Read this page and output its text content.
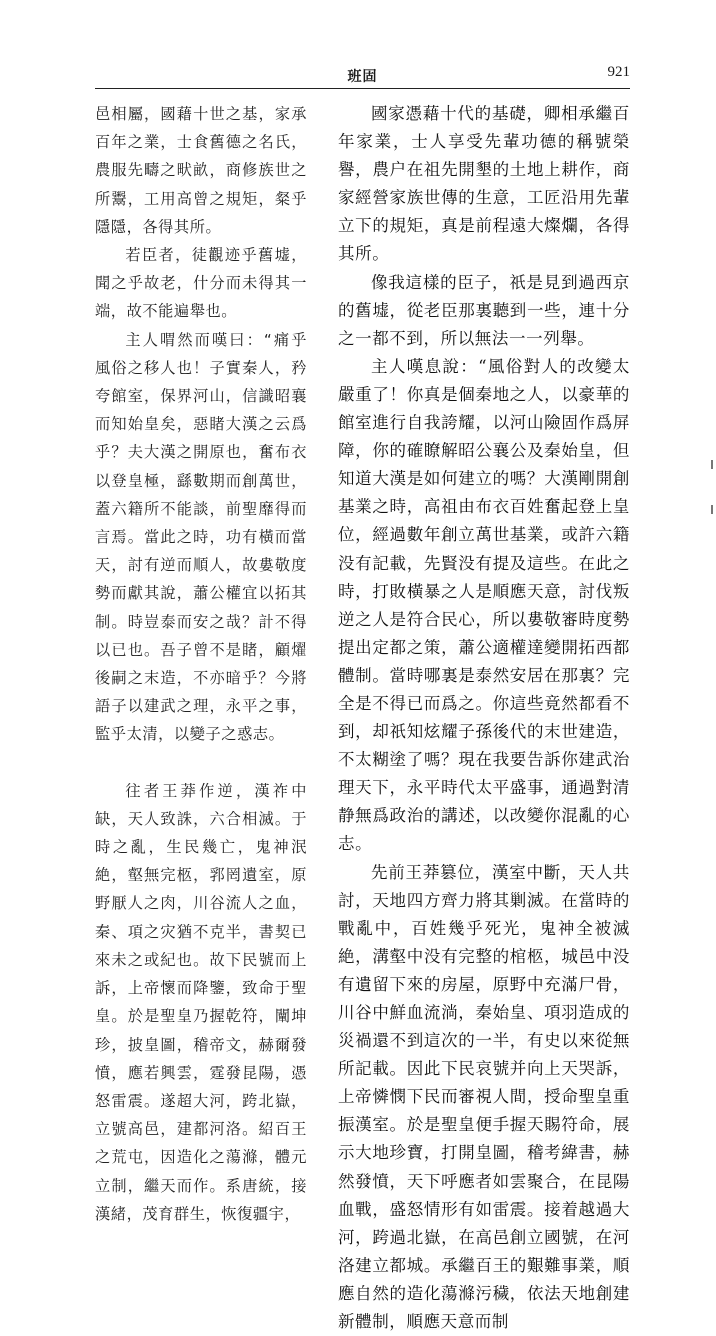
班固	921

邑相屬，國藉十世之基，家承百年之業，士食舊德之名氏，農服先疇之畎畝，商修族世之所鬻，工用高曾之規矩，粲乎隱隱，各得其所。

若臣者，徒觀迹乎舊墟，聞之乎故老，什分而未得其一端，故不能遍舉也。

主人喟然而嘆曰：“痛乎風俗之移人也！子實秦人，矜夸館室，保界河山，信識昭襄而知始皇矣，惡睹大漢之云爲乎？夫大漢之開原也，奮布衣以登皇極，繇數期而創萬世，蓋六籍所不能談，前聖靡得而言焉。當此之時，功有橫而當天，討有逆而順人，故婁敬度勢而獻其說，蕭公權宜以拓其制。時豈泰而安之哉？計不得以已也。吾子曾不是睹，顧燿後嗣之末造，不亦暗乎？今將語子以建武之理，永平之事，監乎太清，以變子之惑志。

往者王莽作逆，漢祚中缺，天人致誅，六合相滅。于時之亂，生民幾亡，鬼神泯絶，壑無完柩，郛罔遺室，原野厭人之肉，川谷流人之血，秦、項之灾猶不克半，書契已來未之或紀也。故下民號而上訴，上帝懷而降鑒，致命于聖皇。於是聖皇乃握乾符，闡坤珍，披皇圖，稽帝文，赫爾發憤，應若興雲，霆發昆陽，憑怒雷震。遂超大河，跨北嶽，立號高邑，建都河洛。紹百王之荒屯，因造化之蕩滌，體元立制，繼天而作。系唐統，接漢緒，茂育群生，恢復疆宇，

國家憑藉十代的基礎，卿相承繼百年家業，士人享受先輩功德的稱號榮譽，農户在祖先開墾的土地上耕作，商家經營家族世傳的生意，工匠沿用先輩立下的規矩，真是前程遠大燦爛，各得其所。

像我這樣的臣子，祇是見到過西京的舊墟，從老臣那裏聽到一些，連十分之一都不到，所以無法一一列舉。

主人嘆息說：“風俗對人的改變太嚴重了！你真是個秦地之人，以豪華的館室進行自我誇耀，以河山險固作爲屏障，你的確瞭解昭公襄公及秦始皇，但知道大漢是如何建立的嗎？大漢剛開創基業之時，高祖由布衣百姓奮起登上皇位，經過數年創立萬世基業，或許六籍没有記載，先賢没有提及這些。在此之時，打敗橫暴之人是順應天意，討伐叛逆之人是符合民心，所以婁敬審時度勢提出定都之策，蕭公適權達變開拓西都體制。當時哪裏是泰然安居在那裏？完全是不得已而爲之。你這些竟然都看不到，却祇知炫耀子孫後代的末世建造，不太糊塗了嗎？現在我要告訴你建武治理天下，永平時代太平盛事，通過對清静無爲政治的講述，以改變你混亂的心志。

先前王莽篡位，漢室中斷，天人共討，天地四方齊力將其剿滅。在當時的戰亂中，百姓幾乎死光，鬼神全被滅絶，溝壑中没有完整的棺柩，城邑中没有遺留下來的房屋，原野中充滿尸骨，川谷中鮮血流淌，秦始皇、項羽造成的災禍還不到這次的一半，有史以來從無所記載。因此下民哀號并向上天哭訴，上帝憐憫下民而審視人間，授命聖皇重振漢室。於是聖皇便手握天賜符命，展示大地珍寶，打開皇圖，稽考緯書，赫然發憤，天下呼應者如雲聚合，在昆陽血戰，盛怒情形有如雷震。接着越過大河，跨過北嶽，在高邑創立國號，在河洛建立都城。承繼百王的艱難事業，順應自然的造化蕩滌污穢，依法天地創建新體制，順應天意而制
